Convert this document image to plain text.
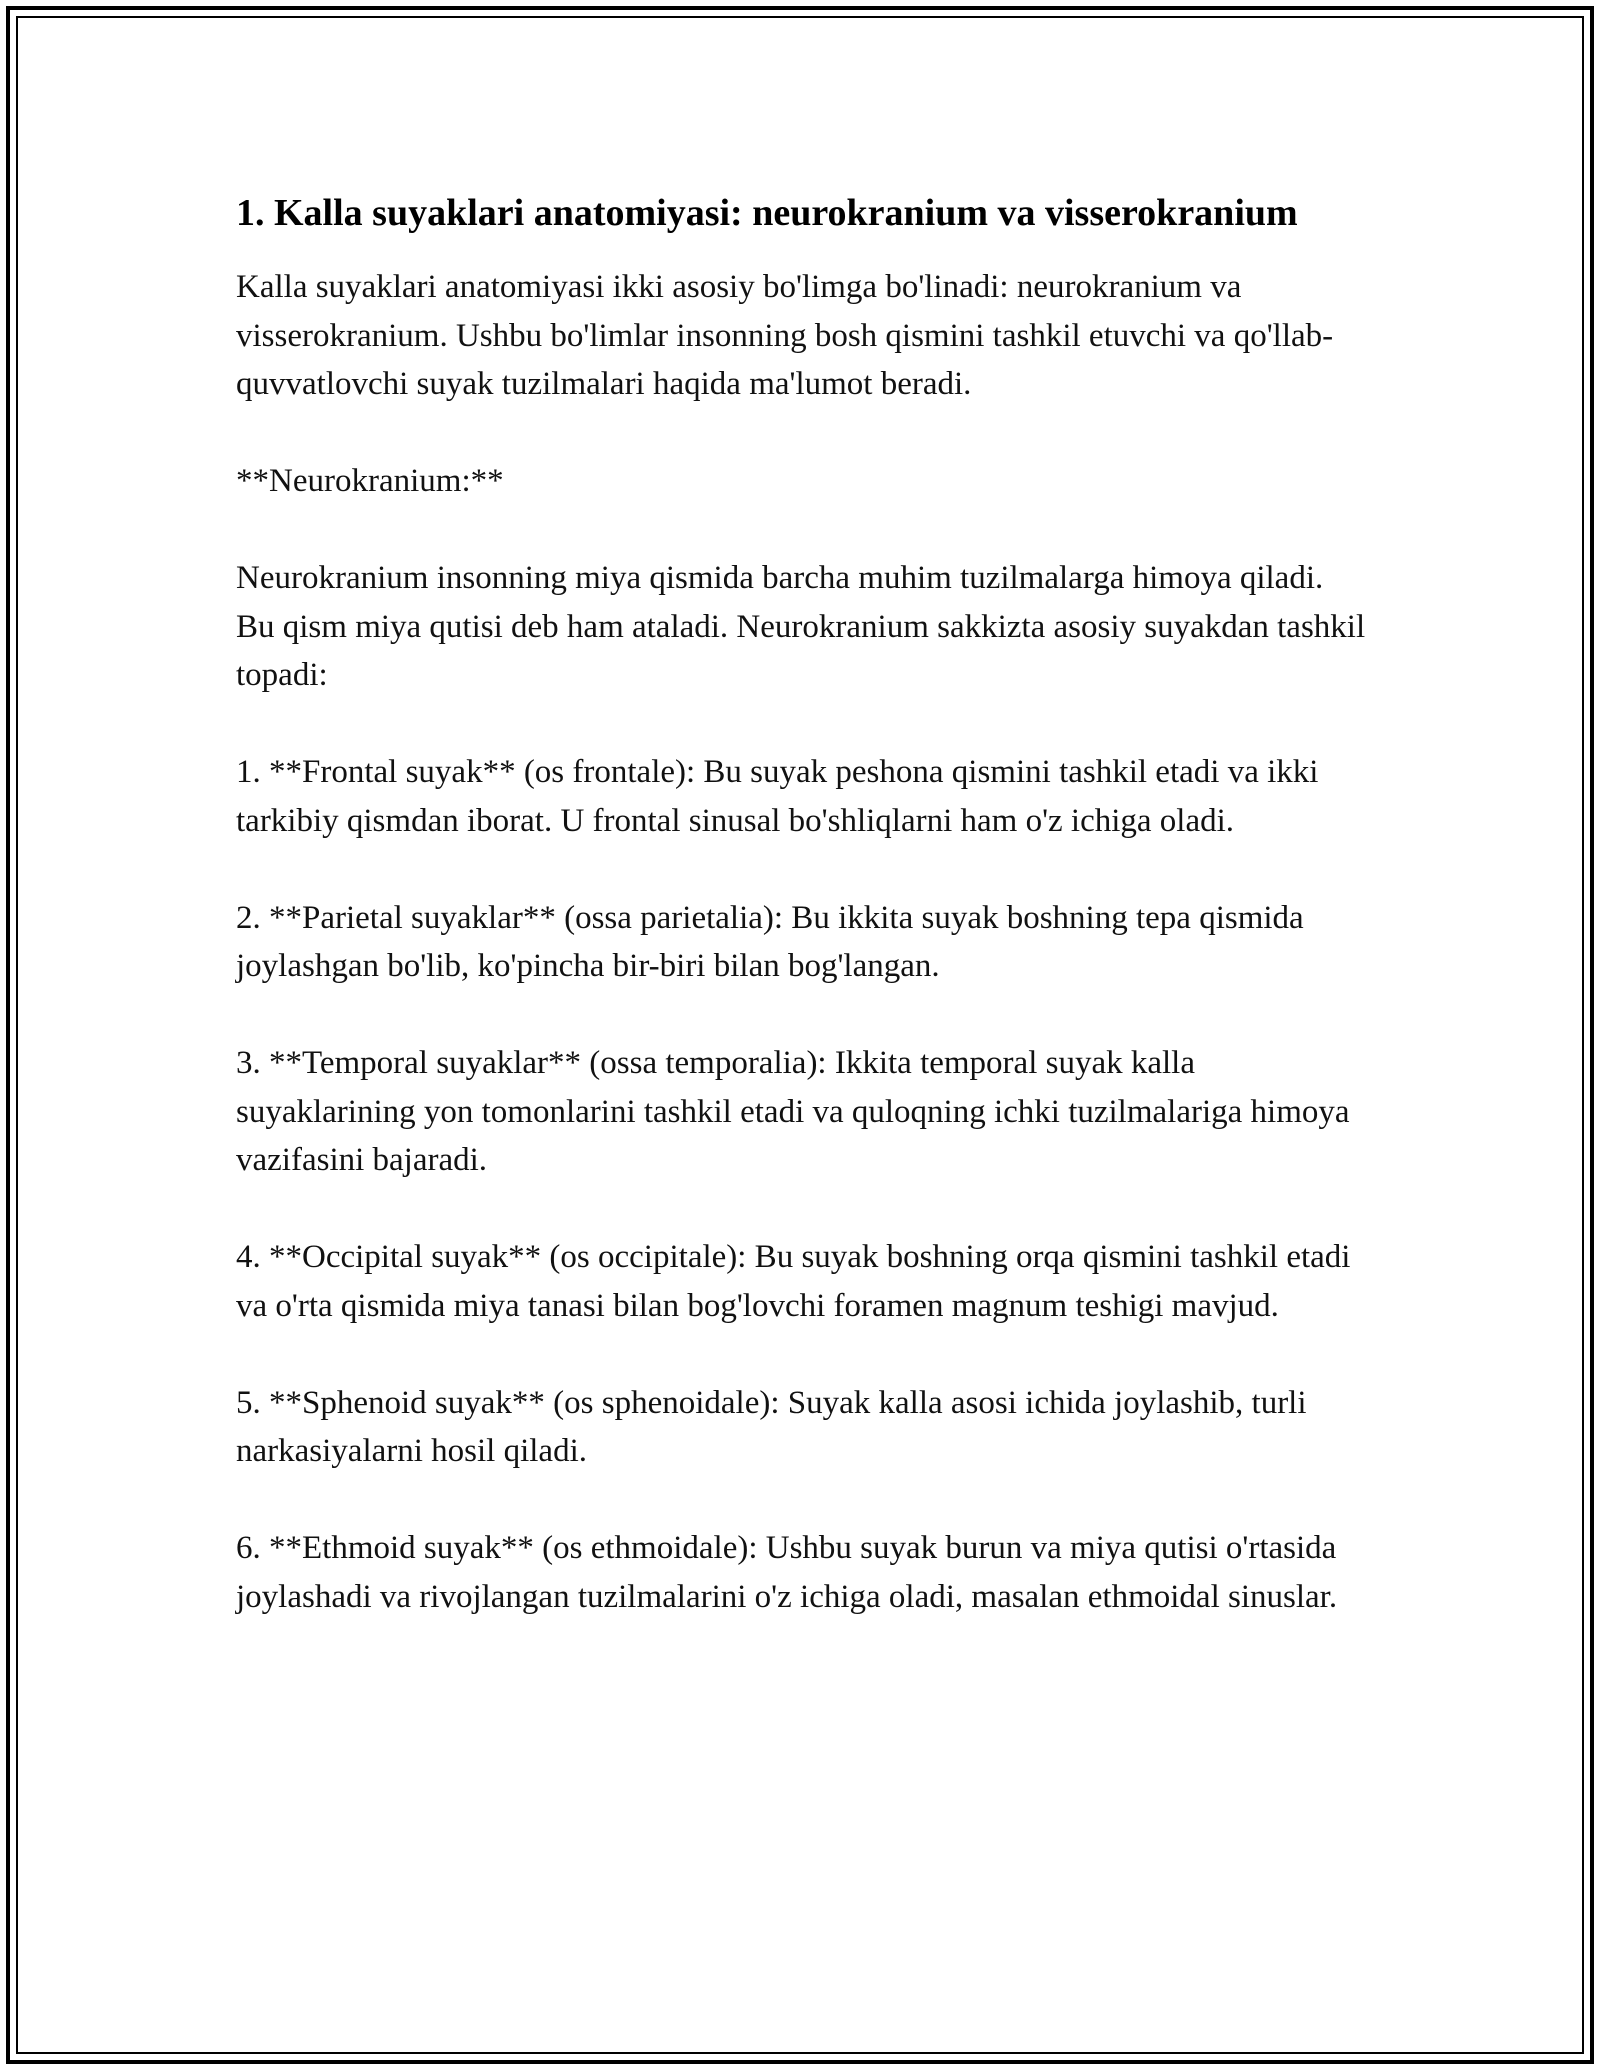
1. Kalla suyaklari anatomiyasi: neurokranium va visserokranium

Kalla suyaklari anatomiyasi ikki asosiy bo'limga bo'linadi: neurokranium va visserokranium. Ushbu bo'limlar insonning bosh qismini tashkil etuvchi va qo'llab-quvvatlovchi suyak tuzilmalari haqida ma'lumot beradi.

**Neurokranium:**

Neurokranium insonning miya qismida barcha muhim tuzilmalarga himoya qiladi. Bu qism miya qutisi deb ham ataladi. Neurokranium sakkizta asosiy suyakdan tashkil topadi:

1. **Frontal suyak** (os frontale): Bu suyak peshona qismini tashkil etadi va ikki tarkibiy qismdan iborat. U frontal sinusal bo'shliqlarni ham o'z ichiga oladi.

2. **Parietal suyaklar** (ossa parietalia): Bu ikkita suyak boshning tepa qismida joylashgan bo'lib, ko'pincha bir-biri bilan bog'langan.

3. **Temporal suyaklar** (ossa temporalia): Ikkita temporal suyak kalla suyaklarining yon tomonlarini tashkil etadi va quloqning ichki tuzilmalariga himoya vazifasini bajaradi.

4. **Occipital suyak** (os occipitale): Bu suyak boshning orqa qismini tashkil etadi va o'rta qismida miya tanasi bilan bog'lovchi foramen magnum teshigi mavjud.

5. **Sphenoid suyak** (os sphenoidale): Suyak kalla asosi ichida joylashib, turli narkasiyalarni hosil qiladi.

6. **Ethmoid suyak** (os ethmoidale): Ushbu suyak burun va miya qutisi o'rtasida joylashadi va rivojlangan tuzilmalarini o'z ichiga oladi, masalan ethmoidal sinuslar.
